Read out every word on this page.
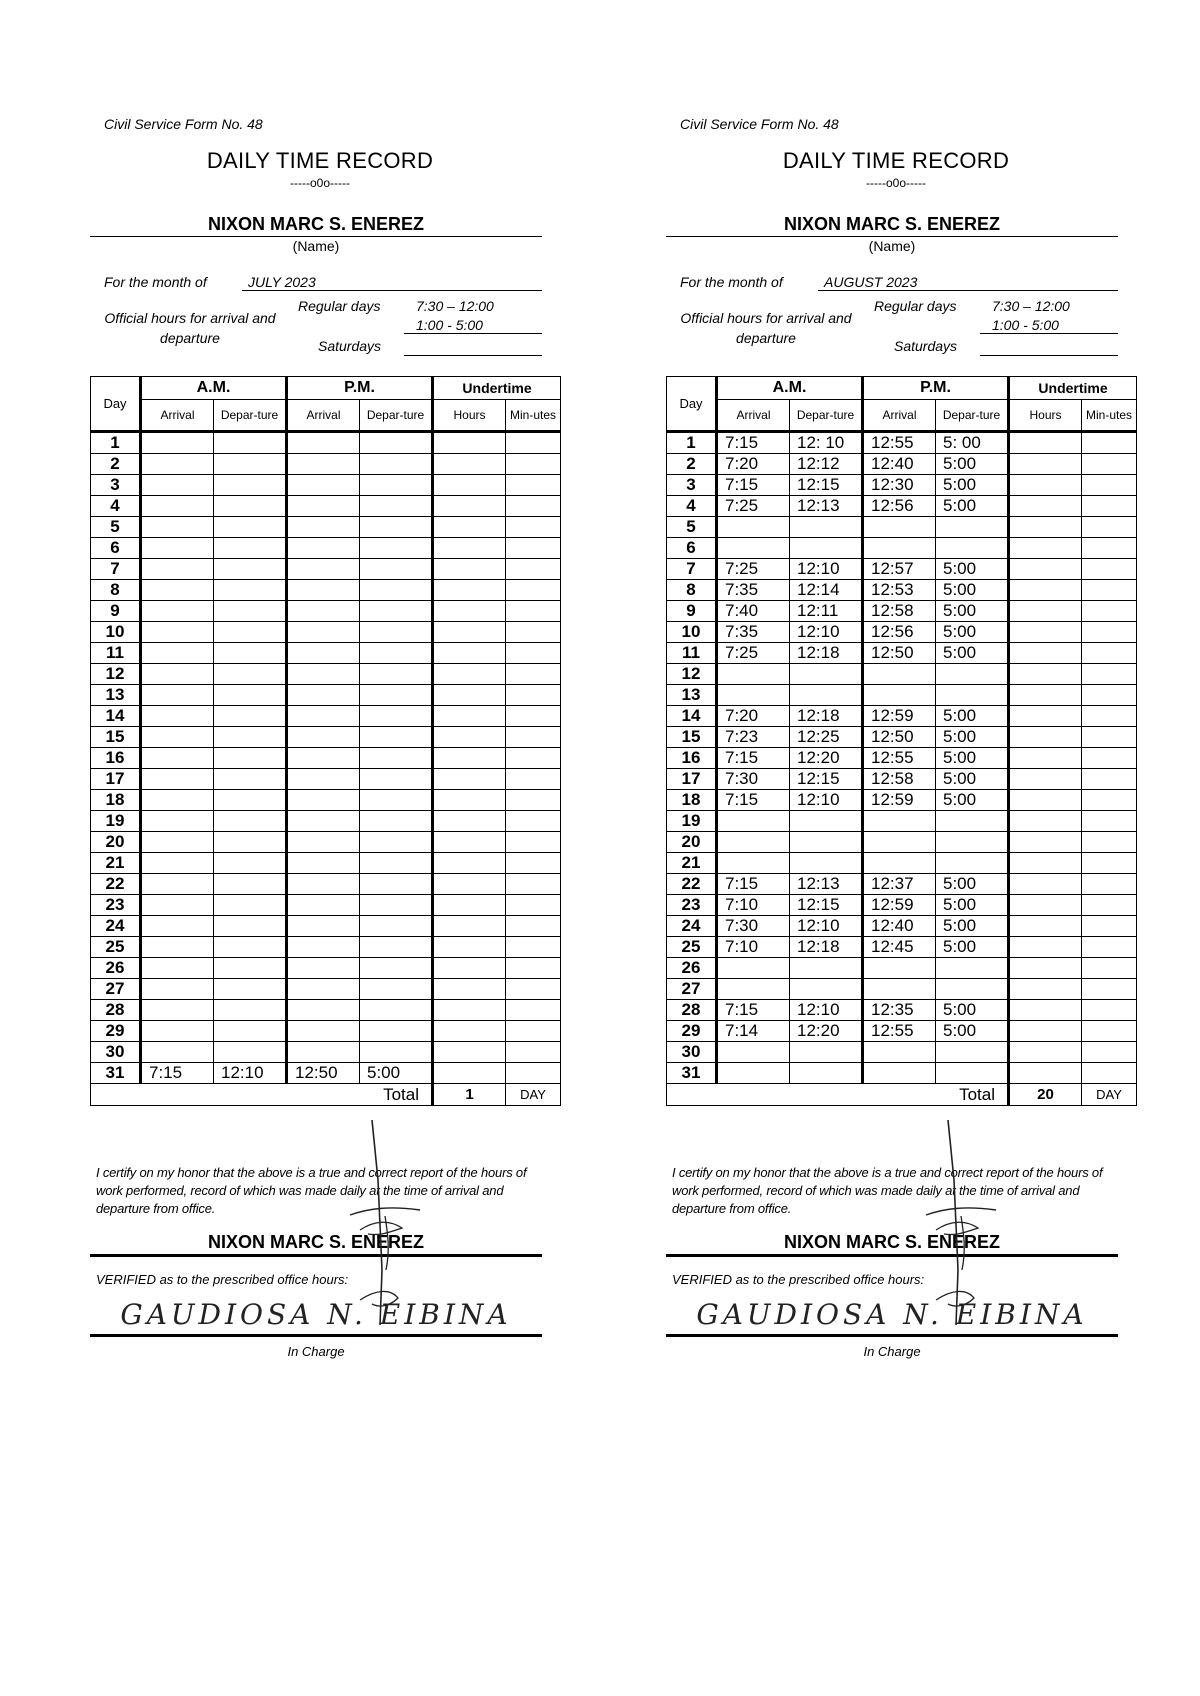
Civil Service Form No. 48
DAILY TIME RECORD
-----o0o-----
NIXON MARC S. ENEREZ
(Name)
For the month of	JULY 2023
Official hours for arrival and departure
Regular days	7:30 – 12:00
1:00 - 5:00
Saturdays
Day	A.M.		P.M.		Undertime	
	Arrival	Depar-ture	Arrival	Depar-ture	Hours	Min-utes
1						
2						
3						
4						
5						
6						
7						
8						
9						
10						
11						
12						
13						
14						
15						
16						
17						
18						
19						
20						
21						
22						
23						
24						
25						
26						
27						
28						
29						
30						
31	7:15	12:10	12:50	5:00		
Total					1	DAY
I certify on my honor that the above is a true and correct report of the hours of work performed, record of which was made daily at the time of arrival and departure from office.
NIXON MARC S. ENEREZ
VERIFIED as to the prescribed office hours:
GAUDIOSA N. EIBINA
In Charge
Civil Service Form No. 48
DAILY TIME RECORD
-----o0o-----
NIXON MARC S. ENEREZ
(Name)
For the month of	AUGUST 2023
Official hours for arrival and departure
Regular days	7:30 – 12:00
1:00 - 5:00
Saturdays
Day	A.M.		P.M.		Undertime	
	Arrival	Depar-ture	Arrival	Depar-ture	Hours	Min-utes
1	7:15	12: 10	12:55	5: 00		
2	7:20	12:12	12:40	5:00		
3	7:15	12:15	12:30	5:00		
4	7:25	12:13	12:56	5:00		
5						
6						
7	7:25	12:10	12:57	5:00		
8	7:35	12:14	12:53	5:00		
9	7:40	12:11	12:58	5:00		
10	7:35	12:10	12:56	5:00		
11	7:25	12:18	12:50	5:00		
12						
13						
14	7:20	12:18	12:59	5:00		
15	7:23	12:25	12:50	5:00		
16	7:15	12:20	12:55	5:00		
17	7:30	12:15	12:58	5:00		
18	7:15	12:10	12:59	5:00		
19						
20						
21						
22	7:15	12:13	12:37	5:00		
23	7:10	12:15	12:59	5:00		
24	7:30	12:10	12:40	5:00		
25	7:10	12:18	12:45	5:00		
26						
27						
28	7:15	12:10	12:35	5:00		
29	7:14	12:20	12:55	5:00		
30						
31						
Total					20	DAY
I certify on my honor that the above is a true and correct report of the hours of work performed, record of which was made daily at the time of arrival and departure from office.
NIXON MARC S. ENEREZ
VERIFIED as to the prescribed office hours:
GAUDIOSA N. EIBINA
In Charge
